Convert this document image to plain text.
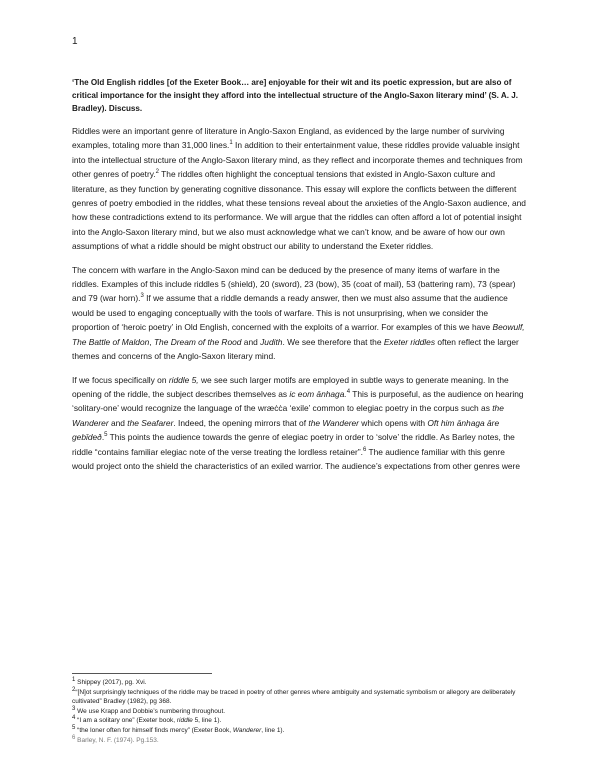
1
‘The Old English riddles [of the Exeter Book… are] enjoyable for their wit and its poetic expression, but are also of critical importance for the insight they afford into the intellectual structure of the Anglo-Saxon literary mind’ (S. A. J. Bradley). Discuss.

Riddles were an important genre of literature in Anglo-Saxon England, as evidenced by the large number of surviving examples, totaling more than 31,000 lines.$^1$ In addition to their entertainment value, these riddles provide valuable insight into the intellectual structure of the Anglo-Saxon literary mind, as they reflect and incorporate themes and techniques from other genres of poetry.$^2$ The riddles often highlight the conceptual tensions that existed in Anglo-Saxon culture and literature, as they function by generating cognitive dissonance. This essay will explore the conflicts between the different genres of poetry embodied in the riddles, what these tensions reveal about the anxieties of the Anglo-Saxon audience, and how these contradictions extend to its performance. We will argue that the riddles can often afford a lot of potential insight into the Anglo-Saxon literary mind, but we also must acknowledge what we can’t know, and be aware of how our own assumptions of what a riddle should be might obstruct our ability to understand the Exeter riddles.

The concern with warfare in the Anglo-Saxon mind can be deduced by the presence of many items of warfare in the riddles. Examples of this include riddles 5 (shield), 20 (sword), 23 (bow), 35 (coat of mail), 53 (battering ram), 73 (spear) and 79 (war horn).$^3$ If we assume that a riddle demands a ready answer, then we must also assume that the audience would be used to engaging conceptually with the tools of warfare. This is not unsurprising, when we consider the proportion of ‘heroic poetry’ in Old English, concerned with the exploits of a warrior. For examples of this we have Beowulf, The Battle of Maldon, The Dream of the Rood and Judith. We see therefore that the Exeter riddles often reflect the larger themes and concerns of the Anglo-Saxon literary mind.

If we focus specifically on riddle 5, we see such larger motifs are employed in subtle ways to generate meaning. In the opening of the riddle, the subject describes themselves as ic eom ānhaga.$^4$ This is purposeful, as the audience on hearing ‘solitary-one’ would recognize the language of the wræċċa ‘exile’ common to elegiac poetry in the corpus such as the Wanderer and the Seafarer. Indeed, the opening mirrors that of the Wanderer which opens with Oft him ānhaga āre gebīdeð.$^5$ This points the audience towards the genre of elegiac poetry in order to ‘solve’ the riddle. As Barley notes, the riddle “contains familiar elegiac note of the verse treating the lordless retainer”.$^6$ The audience familiar with this genre would project onto the shield the characteristics of an exiled warrior. The audience’s expectations from other genres were

$^1$ Shippey (2017), pg. Xvi.

$^2$“[N]ot surprisingly techniques of the riddle may be traced in poetry of other genres where ambiguity and systematic symbolism or allegory are deliberately cultivated” Bradley (1982), pg 368.

$^3$ We use Krapp and Dobbie’s numbering throughout.

$^4$ “I am a solitary one” (Exeter book, riddle 5, line 1).

$^5$ “the loner often for himself finds mercy” (Exeter Book, Wanderer, line 1).

$^6$ Barley, N. F. (1974). Pg.153.
